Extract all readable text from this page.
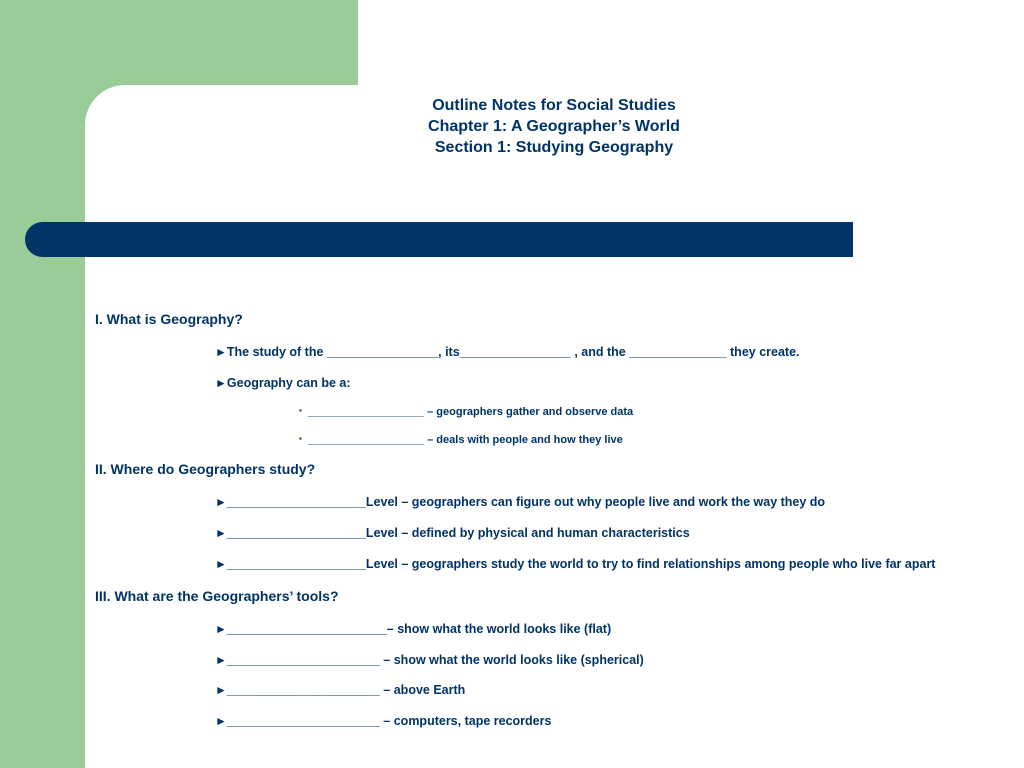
Outline Notes for Social Studies
Chapter 1: A Geographer’s World
Section 1: Studying Geography
I. What is Geography?
►The study of the ________________, its________________ , and the ______________ they create.
►Geography can be a:
▪ ___________________ – geographers gather and observe data
▪ ___________________ – deals with people and how they live
II. Where do Geographers study?
►____________________Level – geographers can figure out why people live and work the way they do
►____________________Level – defined by physical and human characteristics
►____________________Level – geographers study the world to try to find relationships among people who live far apart
III. What are the Geographers’ tools?
►_______________________– show what the world looks like (flat)
►______________________ – show what the world looks like (spherical)
►______________________ – above Earth
►______________________ – computers, tape recorders
